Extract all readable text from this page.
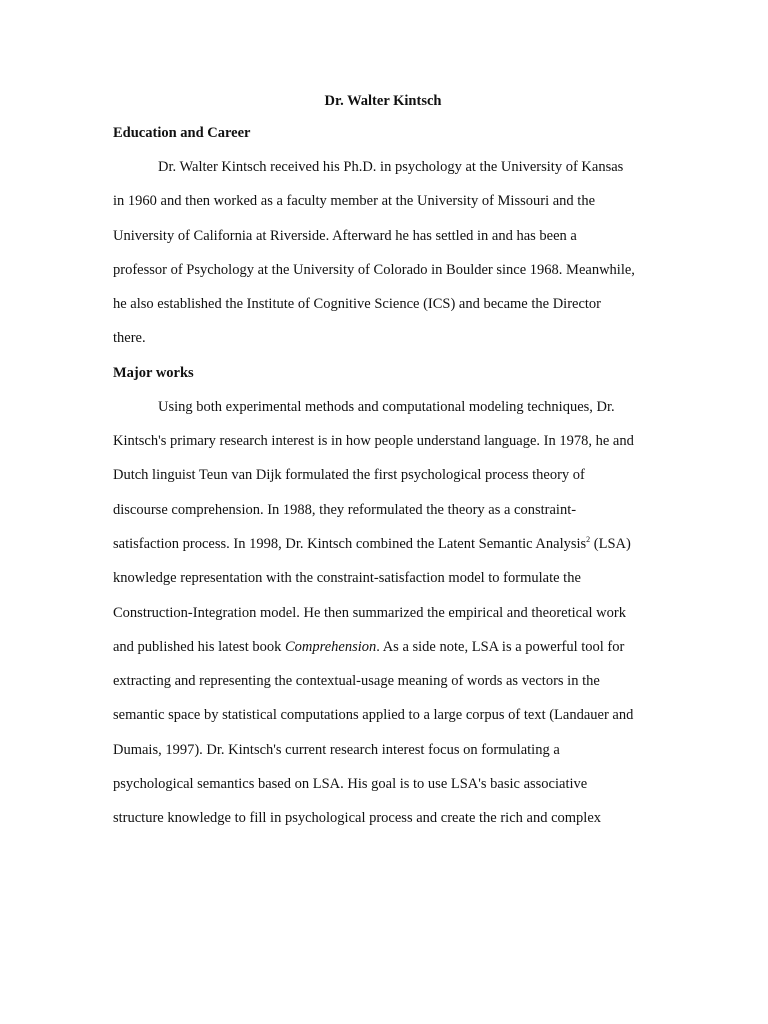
Dr. Walter Kintsch
Education and Career
Dr. Walter Kintsch received his Ph.D. in psychology at the University of Kansas
in 1960 and then worked as a faculty member at the University of Missouri and the
University of California at Riverside. Afterward he has settled in and has been a
professor of Psychology at the University of Colorado in Boulder since 1968. Meanwhile,
he also established the Institute of Cognitive Science (ICS) and became the Director
there.
Major works
Using both experimental methods and computational modeling techniques, Dr.
Kintsch's primary research interest is in how people understand language. In 1978, he and
Dutch linguist Teun van Dijk formulated the first psychological process theory of
discourse comprehension. In 1988, they reformulated the theory as a constraint-
satisfaction process. In 1998, Dr. Kintsch combined the Latent Semantic Analysis$^2$ (LSA)
knowledge representation with the constraint-satisfaction model to formulate the
Construction-Integration model. He then summarized the empirical and theoretical work
and published his latest book Comprehension. As a side note, LSA is a powerful tool for
extracting and representing the contextual-usage meaning of words as vectors in the
semantic space by statistical computations applied to a large corpus of text (Landauer and
Dumais, 1997). Dr. Kintsch's current research interest focus on formulating a
psychological semantics based on LSA. His goal is to use LSA's basic associative
structure knowledge to fill in psychological process and create the rich and complex
